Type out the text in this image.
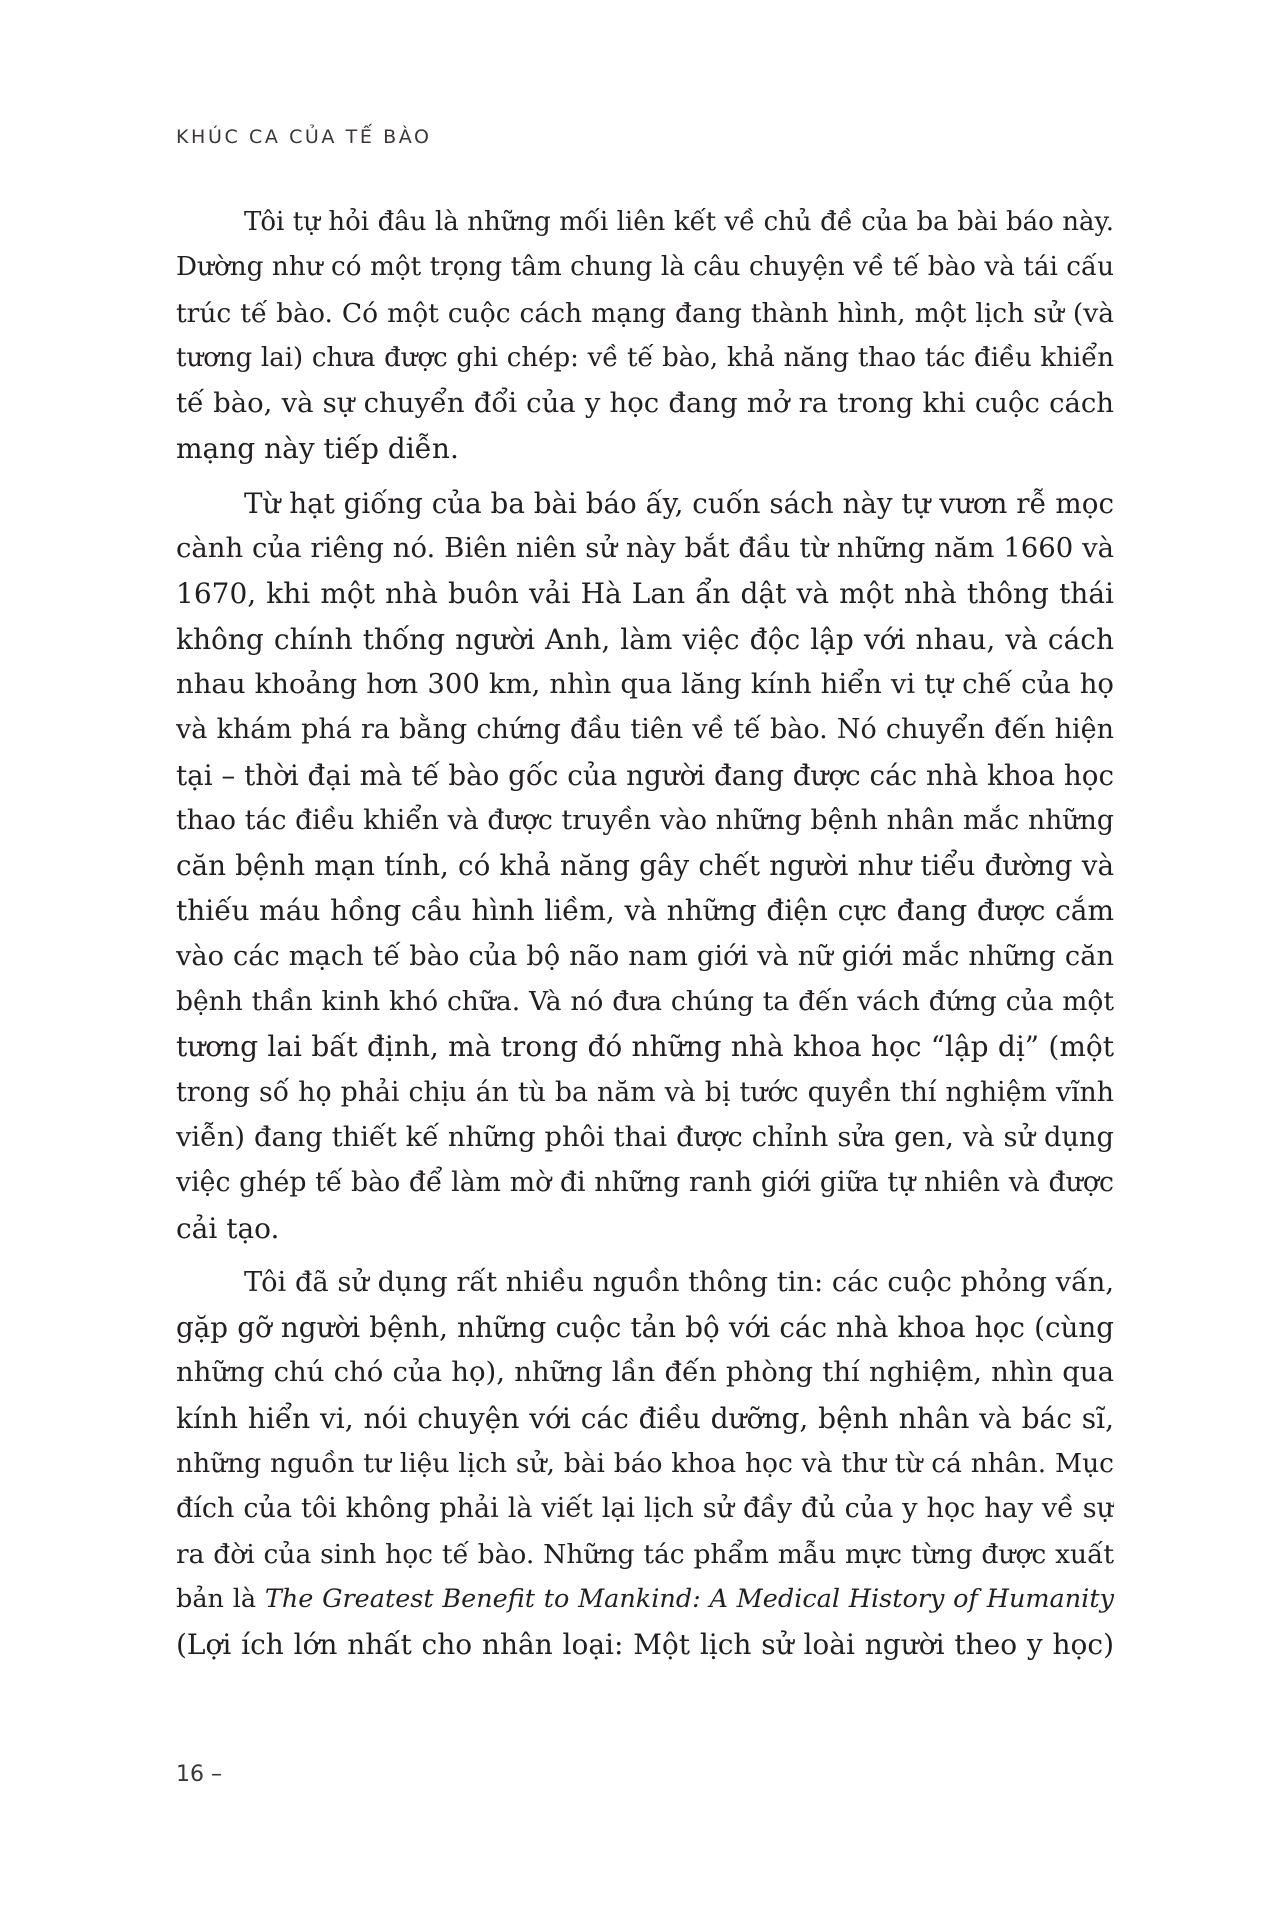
KHÚC CA CỦA TẾ BÀO
Tôi tự hỏi đâu là những mối liên kết về chủ đề của ba bài báo này.
Dường như có một trọng tâm chung là câu chuyện về tế bào và tái cấu
trúc tế bào. Có một cuộc cách mạng đang thành hình, một lịch sử (và
tương lai) chưa được ghi chép: về tế bào, khả năng thao tác điều khiển
tế bào, và sự chuyển đổi của y học đang mở ra trong khi cuộc cách
mạng này tiếp diễn.
Từ hạt giống của ba bài báo ấy, cuốn sách này tự vươn rễ mọc
cành của riêng nó. Biên niên sử này bắt đầu từ những năm 1660 và
1670, khi một nhà buôn vải Hà Lan ẩn dật và một nhà thông thái
không chính thống người Anh, làm việc độc lập với nhau, và cách
nhau khoảng hơn 300 km, nhìn qua lăng kính hiển vi tự chế của họ
và khám phá ra bằng chứng đầu tiên về tế bào. Nó chuyển đến hiện
tại – thời đại mà tế bào gốc của người đang được các nhà khoa học
thao tác điều khiển và được truyền vào những bệnh nhân mắc những
căn bệnh mạn tính, có khả năng gây chết người như tiểu đường và
thiếu máu hồng cầu hình liềm, và những điện cực đang được cắm
vào các mạch tế bào của bộ não nam giới và nữ giới mắc những căn
bệnh thần kinh khó chữa. Và nó đưa chúng ta đến vách đứng của một
tương lai bất định, mà trong đó những nhà khoa học “lập dị” (một
trong số họ phải chịu án tù ba năm và bị tước quyền thí nghiệm vĩnh
viễn) đang thiết kế những phôi thai được chỉnh sửa gen, và sử dụng
việc ghép tế bào để làm mờ đi những ranh giới giữa tự nhiên và được
cải tạo.
Tôi đã sử dụng rất nhiều nguồn thông tin: các cuộc phỏng vấn,
gặp gỡ người bệnh, những cuộc tản bộ với các nhà khoa học (cùng
những chú chó của họ), những lần đến phòng thí nghiệm, nhìn qua
kính hiển vi, nói chuyện với các điều dưỡng, bệnh nhân và bác sĩ,
những nguồn tư liệu lịch sử, bài báo khoa học và thư từ cá nhân. Mục
đích của tôi không phải là viết lại lịch sử đầy đủ của y học hay về sự
ra đời của sinh học tế bào. Những tác phẩm mẫu mực từng được xuất
bản là The Greatest Benefit to Mankind: A Medical History of Humanity
(Lợi ích lớn nhất cho nhân loại: Một lịch sử loài người theo y học)
16 –
